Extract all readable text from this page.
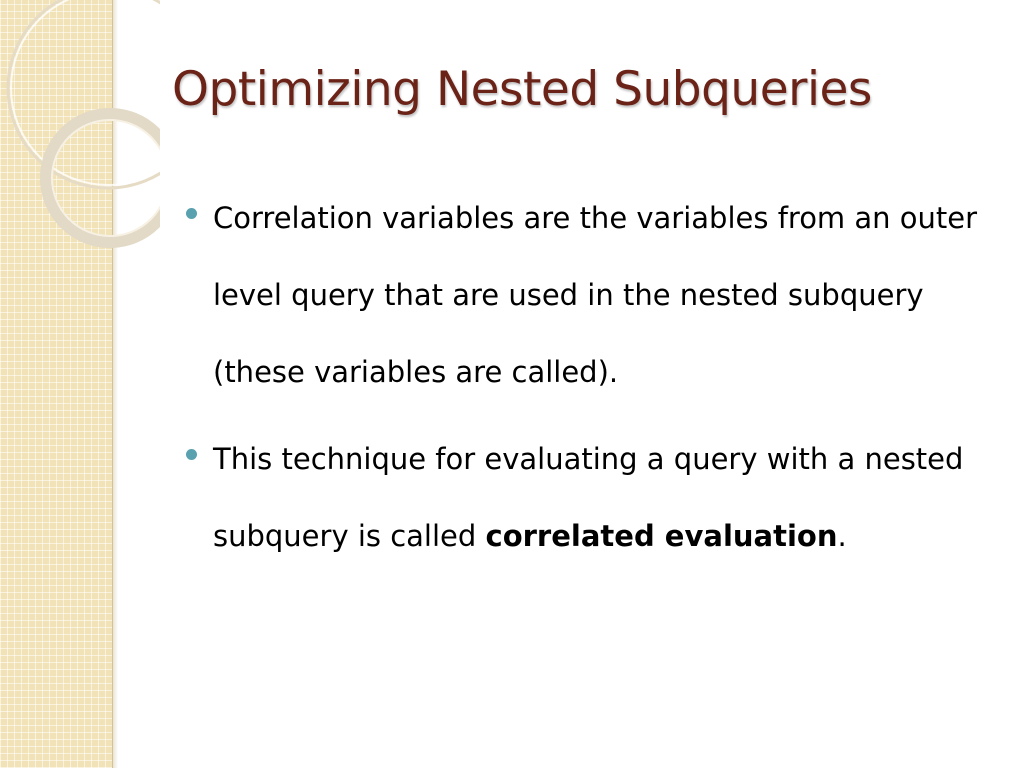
Optimizing Nested Subqueries
Correlation variables are the variables from an outer level query that are used in the nested subquery (these variables are called).
This technique for evaluating a query with a nested subquery is called correlated evaluation.
